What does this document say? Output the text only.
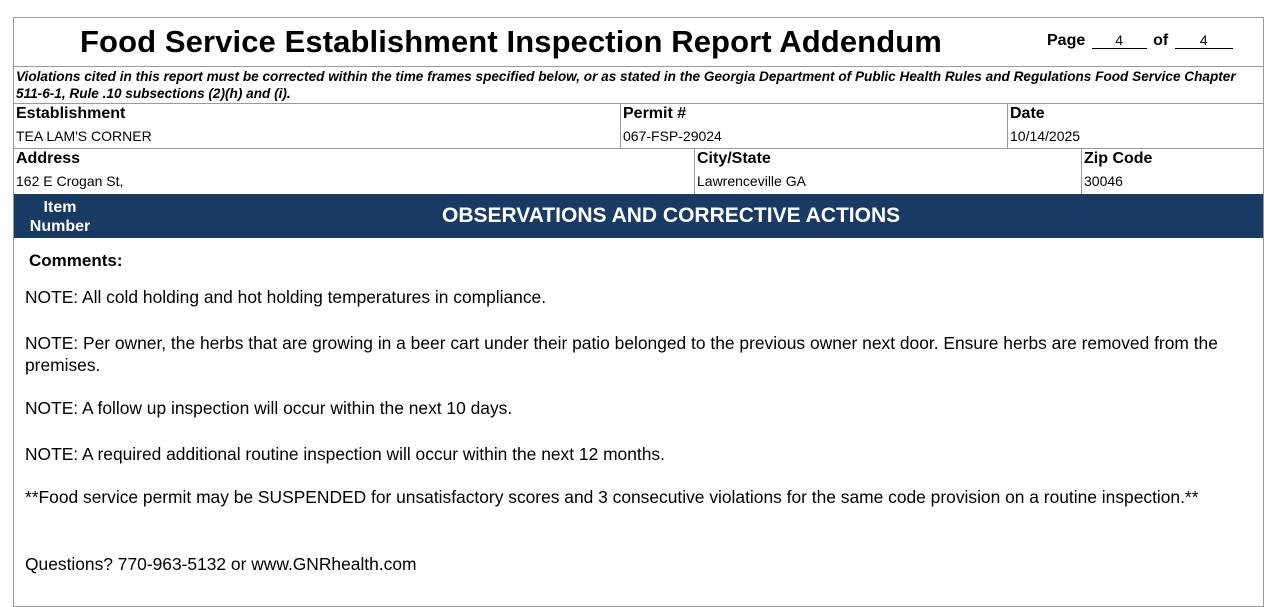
Food Service Establishment Inspection Report Addendum	Page 4 of 4
Violations cited in this report must be corrected within the time frames specified below, or as stated in the Georgia Department of Public Health Rules and Regulations Food Service Chapter 511-6-1, Rule .10 subsections (2)(h) and (i).
Establishment
TEA LAM'S CORNER
Permit #
067-FSP-29024
Date
10/14/2025
Address
162 E Crogan St,
City/State
Lawrenceville GA
Zip Code
30046
Item Number	OBSERVATIONS AND CORRECTIVE ACTIONS
Comments:
NOTE: All cold holding and hot holding temperatures in compliance.
NOTE: Per owner, the herbs that are growing in a beer cart under their patio belonged to the previous owner next door. Ensure herbs are removed from the premises.
NOTE: A follow up inspection will occur within the next 10 days.
NOTE: A required additional routine inspection will occur within the next 12 months.
**Food service permit may be SUSPENDED for unsatisfactory scores and 3 consecutive violations for the same code provision on a routine inspection.**
Questions? 770-963-5132 or www.GNRhealth.com
